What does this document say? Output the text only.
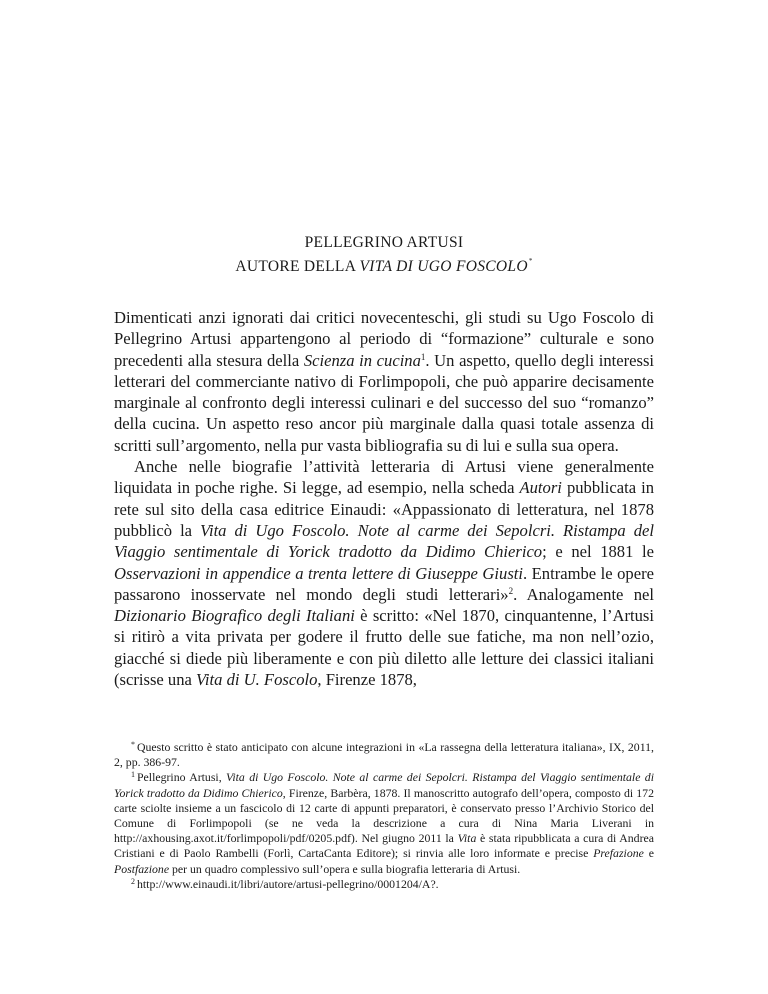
PELLEGRINO ARTUSI
AUTORE DELLA VITA DI UGO FOSCOLO*

Dimenticati anzi ignorati dai critici novecenteschi, gli studi su Ugo Foscolo di Pellegrino Artusi appartengono al periodo di “formazione” culturale e sono precedenti alla stesura della Scienza in cucina$^1$. Un aspetto, quello degli interessi letterari del commerciante nativo di Forlimpopoli, che può apparire decisamente marginale al confronto degli interessi culinari e del successo del suo “romanzo” della cucina. Un aspetto reso ancor più marginale dalla quasi totale assenza di scritti sull’argomento, nella pur vasta bibliografia su di lui e sulla sua opera.

Anche nelle biografie l’attività letteraria di Artusi viene generalmente liquidata in poche righe. Si legge, ad esempio, nella scheda Autori pubblicata in rete sul sito della casa editrice Einaudi: «Appassionato di letteratura, nel 1878 pubblicò la Vita di Ugo Foscolo. Note al carme dei Sepolcri. Ristampa del Viaggio sentimentale di Yorick tradotto da Didimo Chierico; e nel 1881 le Osservazioni in appendice a trenta lettere di Giuseppe Giusti. Entrambe le opere passarono inosservate nel mondo degli studi letterari»$^2$. Analogamente nel Dizionario Biografico degli Italiani è scritto: «Nel 1870, cinquantenne, l’Artusi si ritirò a vita privata per godere il frutto delle sue fatiche, ma non nell’ozio, giacché si diede più liberamente e con più diletto alle letture dei classici italiani (scrisse una Vita di U. Foscolo, Firenze 1878,

* Questo scritto è stato anticipato con alcune integrazioni in «La rassegna della letteratura italiana», IX, 2011, 2, pp. 386-97.

$^1$ Pellegrino Artusi, Vita di Ugo Foscolo. Note al carme dei Sepolcri. Ristampa del Viaggio sentimentale di Yorick tradotto da Didimo Chierico, Firenze, Barbèra, 1878. Il manoscritto autografo dell’opera, composto di 172 carte sciolte insieme a un fascicolo di 12 carte di appunti preparatori, è conservato presso l’Archivio Storico del Comune di Forlimpopoli (se ne veda la descrizione a cura di Nina Maria Liverani in http://axhousing.axot.it/forlimpopoli/pdf/0205.pdf). Nel giugno 2011 la Vita è stata ripubblicata a cura di Andrea Cristiani e di Paolo Rambelli (Forlì, CartaCanta Editore); si rinvia alle loro informate e precise Prefazione e Postfazione per un quadro complessivo sull’opera e sulla biografia letteraria di Artusi.

$^2$ http://www.einaudi.it/libri/autore/artusi-pellegrino/0001204/A?.
